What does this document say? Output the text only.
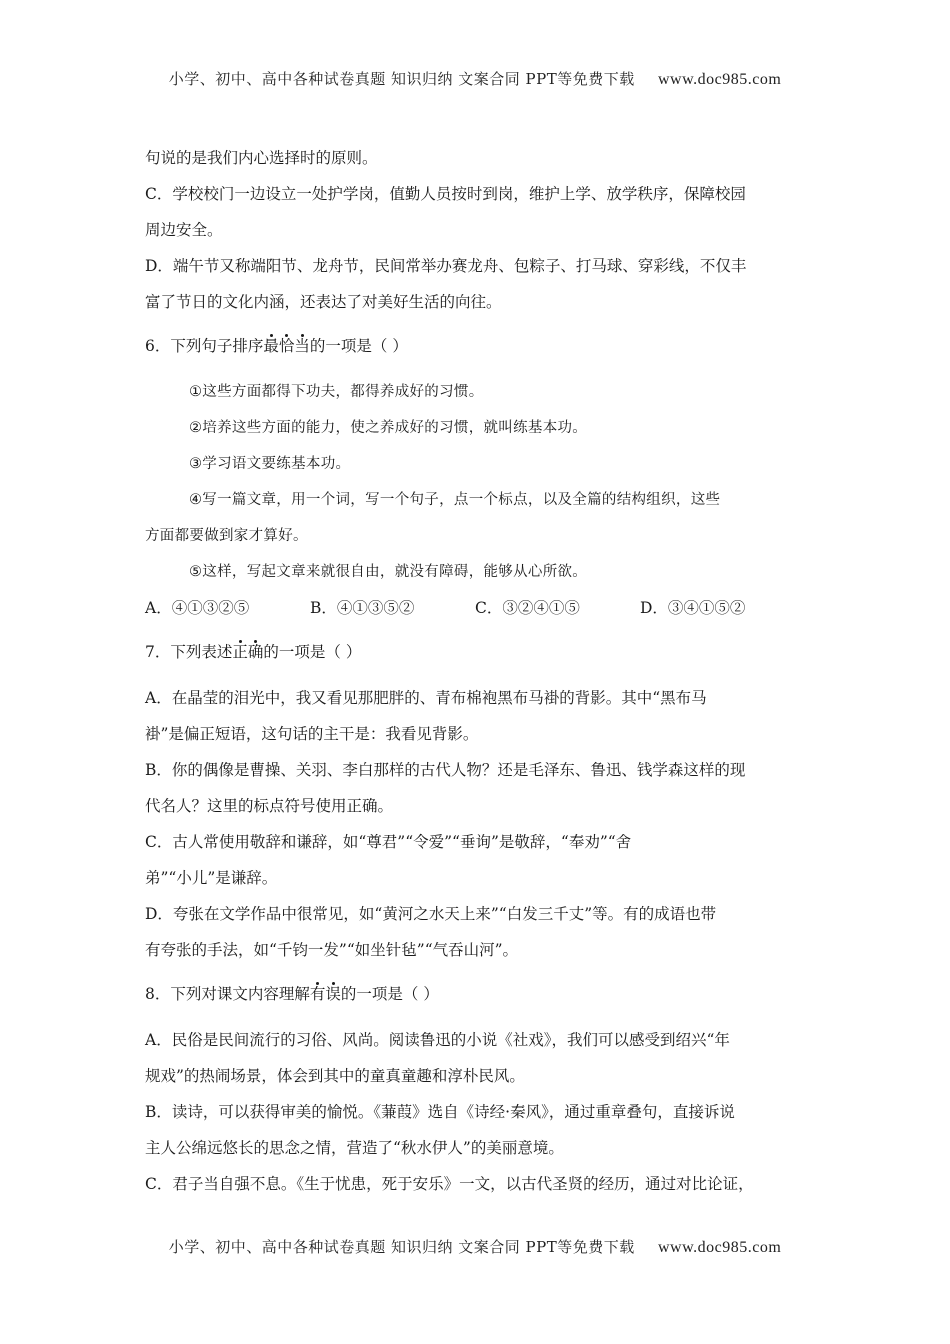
小学、初中、高中各种试卷真题 知识归纳 文案合同 PPT等免费下载 www.doc985.com

句说的是我们内心选择时的原则。

C．学校校门一边设立一处护学岗，值勤人员按时到岗，维护上学、放学秩序，保障校园

周边安全。

D．端午节又称端阳节、龙舟节，民间常举办赛龙舟、包粽子、打马球、穿彩线，不仅丰

富了节日的文化内涵，还表达了对美好生活的向往。

6．下列句子排序最恰当的一项是（ ）

①这些方面都得下功夫，都得养成好的习惯。

②培养这些方面的能力，使之养成好的习惯，就叫练基本功。

③学习语文要练基本功。

④写一篇文章，用一个词，写一个句子，点一个标点，以及全篇的结构组织，这些

方面都要做到家才算好。

⑤这样，写起文章来就很自由，就没有障碍，能够从心所欲。

A．④①③②⑤	B．④①③⑤②	C．③②④①⑤	D．③④①⑤②

7．下列表述正确的一项是（ ）

A．在晶莹的泪光中，我又看见那肥胖的、青布棉袍黑布马褂的背影。其中“黑布马

褂”是偏正短语，这句话的主干是：我看见背影。

B．你的偶像是曹操、关羽、李白那样的古代人物？还是毛泽东、鲁迅、钱学森这样的现

代名人？这里的标点符号使用正确。

C．古人常使用敬辞和谦辞，如“尊君”“令爱”“垂询”是敬辞，“奉劝”“舍

弟”“小儿”是谦辞。

D．夸张在文学作品中很常见，如“黄河之水天上来”“白发三千丈”等。有的成语也带

有夸张的手法，如“千钧一发”“如坐针毡”“气吞山河”。

8．下列对课文内容理解有误的一项是（ ）

A．民俗是民间流行的习俗、风尚。阅读鲁迅的小说《社戏》，我们可以感受到绍兴“年

规戏”的热闹场景，体会到其中的童真童趣和淳朴民风。

B．读诗，可以获得审美的愉悦。《蒹葭》选自《诗经·秦风》，通过重章叠句，直接诉说

主人公绵远悠长的思念之情，营造了“秋水伊人”的美丽意境。

C．君子当自强不息。《生于忧患，死于安乐》一文，以古代圣贤的经历，通过对比论证，

小学、初中、高中各种试卷真题 知识归纳 文案合同 PPT等免费下载 www.doc985.com
